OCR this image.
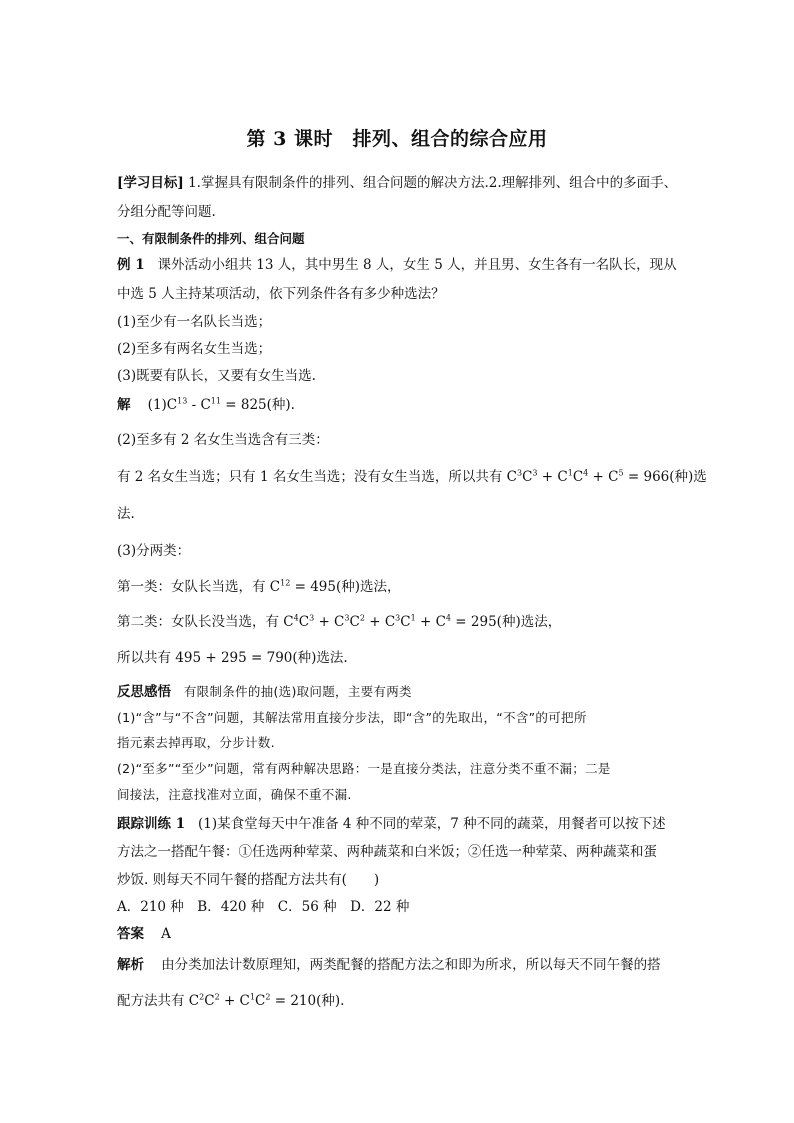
第 3 课时　排列、组合的综合应用
[学习目标] 1.掌握具有限制条件的排列、组合问题的解决方法.2.理解排列、组合中的多面手、
分组分配等问题.
一、有限制条件的排列、组合问题
例 1 课外活动小组共 13 人，其中男生 8 人，女生 5 人，并且男、女生各有一名队长，现从
中选 5 人主持某项活动，依下列条件各有多少种选法？
(1)至少有一名队长当选；
(2)至多有两名女生当选；
(3)既要有队长，又要有女生当选.
解 $(1)C^{13} - C^{11} = 825$(种).
(2)至多有 2 名女生当选含有三类：
有 2 名女生当选；只有 1 名女生当选；没有女生当选，所以共有 $C^3C^3 + C^1C^4 + C^5 = 966$(种)选
法.
(3)分两类：
第一类：女队长当选，有 $C^{12} = 495$(种)选法，
第二类：女队长没当选，有 $C^4C^3 + C^3C^2 + C^3C^1 + C^4 = 295$(种)选法，
所以共有 495 + 295 = 790(种)选法.
反思感悟 有限制条件的抽(选)取问题，主要有两类
(1)“含”与“不含”问题，其解法常用直接分步法，即“含”的先取出，“不含”的可把所
指元素去掉再取，分步计数.
(2)“至多”“至少”问题，常有两种解决思路：一是直接分类法，注意分类不重不漏；二是
间接法，注意找准对立面，确保不重不漏.
跟踪训练 1 (1)某食堂每天中午准备 4 种不同的荤菜，7 种不同的蔬菜，用餐者可以按下述
方法之一搭配午餐：①任选两种荤菜、两种蔬菜和白米饭；②任选一种荤菜、两种蔬菜和蛋
炒饭. 则每天不同午餐的搭配方法共有(　　)
A．210 种　B．420 种　C．56 种　D．22 种
答案 A
解析 由分类加法计数原理知，两类配餐的搭配方法之和即为所求，所以每天不同午餐的搭
配方法共有 $C^2C^2 + C^1C^2 = 210$(种).
